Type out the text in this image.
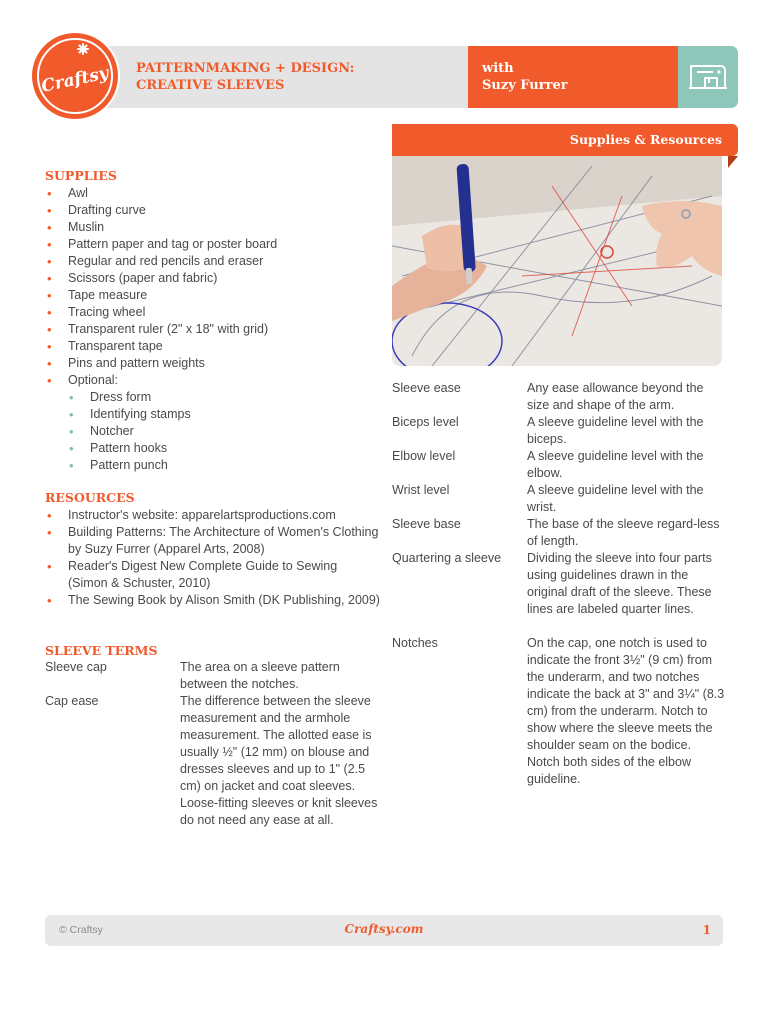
PATTERNMAKING + DESIGN:
CREATIVE SLEEVES
with
Suzy Furrer
Craftsy
Supplies & Resources
SUPPLIES
• Awl
• Drafting curve
• Muslin
• Pattern paper and tag or poster board
• Regular and red pencils and eraser
• Scissors (paper and fabric)
• Tape measure
• Tracing wheel
• Transparent ruler (2" x 18" with grid)
• Transparent tape
• Pins and pattern weights
• Optional:
• Dress form
• Identifying stamps
• Notcher
• Pattern hooks
• Pattern punch
RESOURCES
• Instructor's website: apparelartsproductions.com
• Building Patterns: The Architecture of Women's Clothing by Suzy Furrer (Apparel Arts, 2008)
• Reader's Digest New Complete Guide to Sewing (Simon & Schuster, 2010)
• The Sewing Book by Alison Smith (DK Publishing, 2009)
SLEEVE TERMS
Sleeve cap	The area on a sleeve pattern between the notches.
Cap ease	The difference between the sleeve measurement and the armhole measurement. The allotted ease is usually ½" (12 mm) on blouse and dresses sleeves and up to 1" (2.5 cm) on jacket and coat sleeves. Loose-fitting sleeves or knit sleeves do not need any ease at all.
Sleeve ease	Any ease allowance beyond the size and shape of the arm.
Biceps level	A sleeve guideline level with the biceps.
Elbow level	A sleeve guideline level with the elbow.
Wrist level	A sleeve guideline level with the wrist.
Sleeve base	The base of the sleeve regard-less of length.
Quartering a sleeve Dividing the sleeve into four parts using guidelines drawn in the original draft of the sleeve. These lines are labeled quarter lines.
Notches	On the cap, one notch is used to indicate the front 3½" (9 cm) from the underarm, and two notches indicate the back at 3" and 3¼" (8.3 cm) from the underarm. Notch to show where the sleeve meets the shoulder seam on the bodice. Notch both sides of the elbow guideline.
© Craftsy	Craftsy.com	1
